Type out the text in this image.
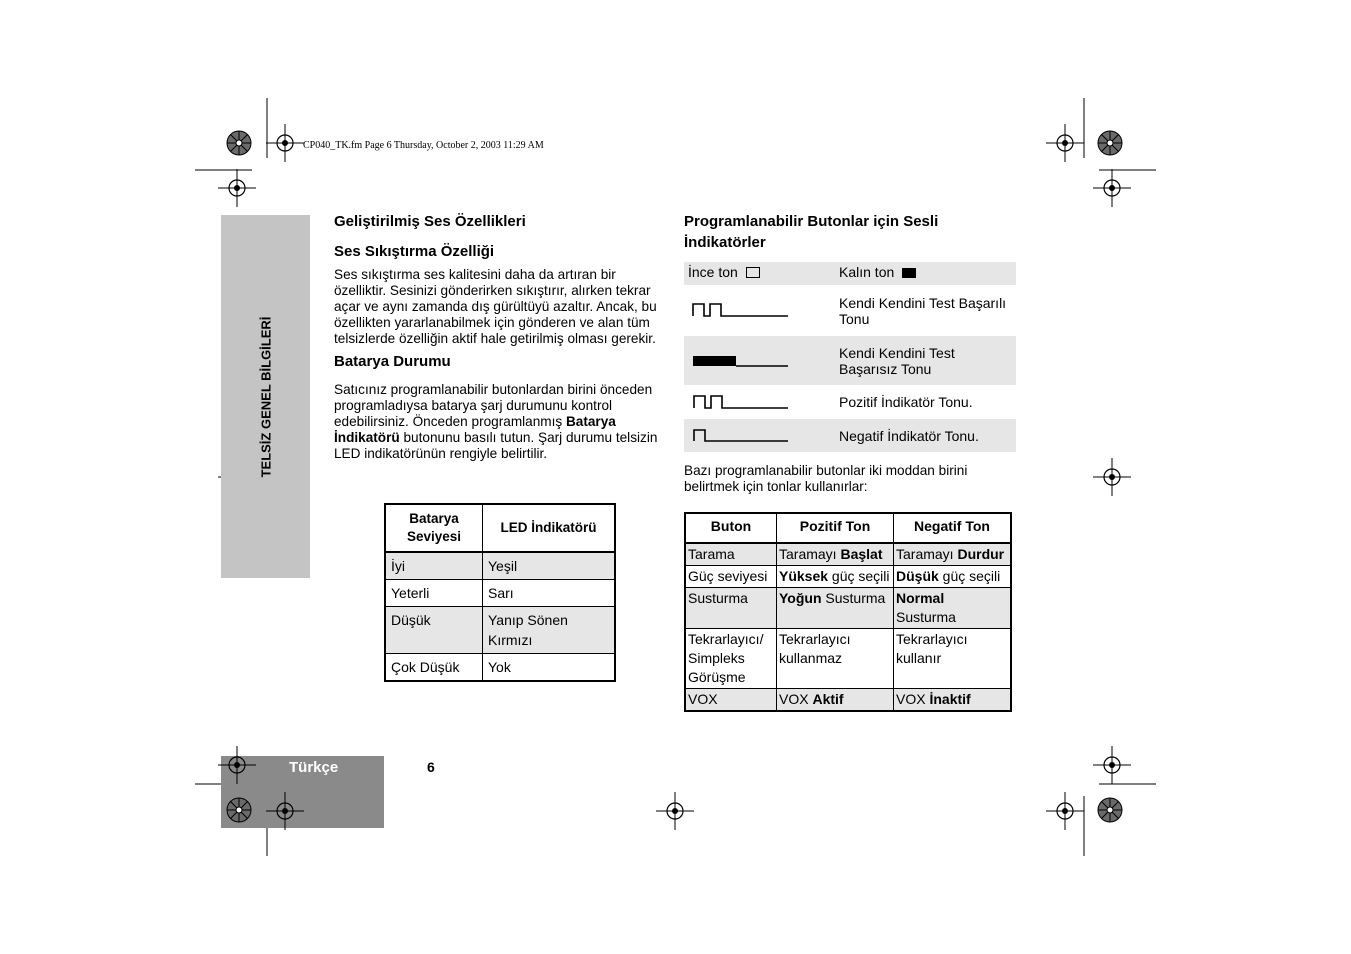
CP040_TK.fm Page 6 Thursday, October 2, 2003 11:29 AM
TELSİZ GENEL BİLGİLERİ
Geliştirilmiş Ses Özellikleri
Ses Sıkıştırma Özelliği

Ses sıkıştırma ses kalitesini daha da artıran bir özelliktir. Sesinizi gönderirken sıkıştırır, alırken tekrar açar ve aynı zamanda dış gürültüyü azaltır. Ancak, bu özellikten yararlanabilmek için gönderen ve alan tüm telsizlerde özelliğin aktif hale getirilmiş olması gerekir.

Batarya Durumu

Satıcınız programlanabilir butonlardan birini önceden programladıysa batarya şarj durumunu kontrol edebilirsiniz. Önceden programlanmış Batarya İndikatörü butonunu basılı tutun. Şarj durumu telsizin LED indikatörünün rengiyle belirtilir.

Batarya Seviyesi	LED İndikatörü
İyi	Yeşil
Yeterli	Sarı
Düşük	Yanıp Sönen Kırmızı
Çok Düşük	Yok
Programlanabilir Butonlar için Sesli
İndikatörler
İnce ton	Kalın ton
	Kendi Kendini Test Başarılı Tonu
	Kendi Kendini Test Başarısız Tonu
	Pozitif İndikatör Tonu.
	Negatif İndikatör Tonu.

Bazı programlanabilir butonlar iki moddan birini belirtmek için tonlar kullanırlar:

Buton	Pozitif Ton	Negatif Ton
Tarama	Taramayı Başlat	Taramayı Durdur
Güç seviyesi	Yüksek güç seçili	Düşük güç seçili
Susturma	Yoğun Susturma	Normal Susturma
Tekrarlayıcı/ Simpleks Görüşme	Tekrarlayıcı kullanmaz	Tekrarlayıcı kullanır
VOX	VOX Aktif	VOX İnaktif
Türkçe	6
